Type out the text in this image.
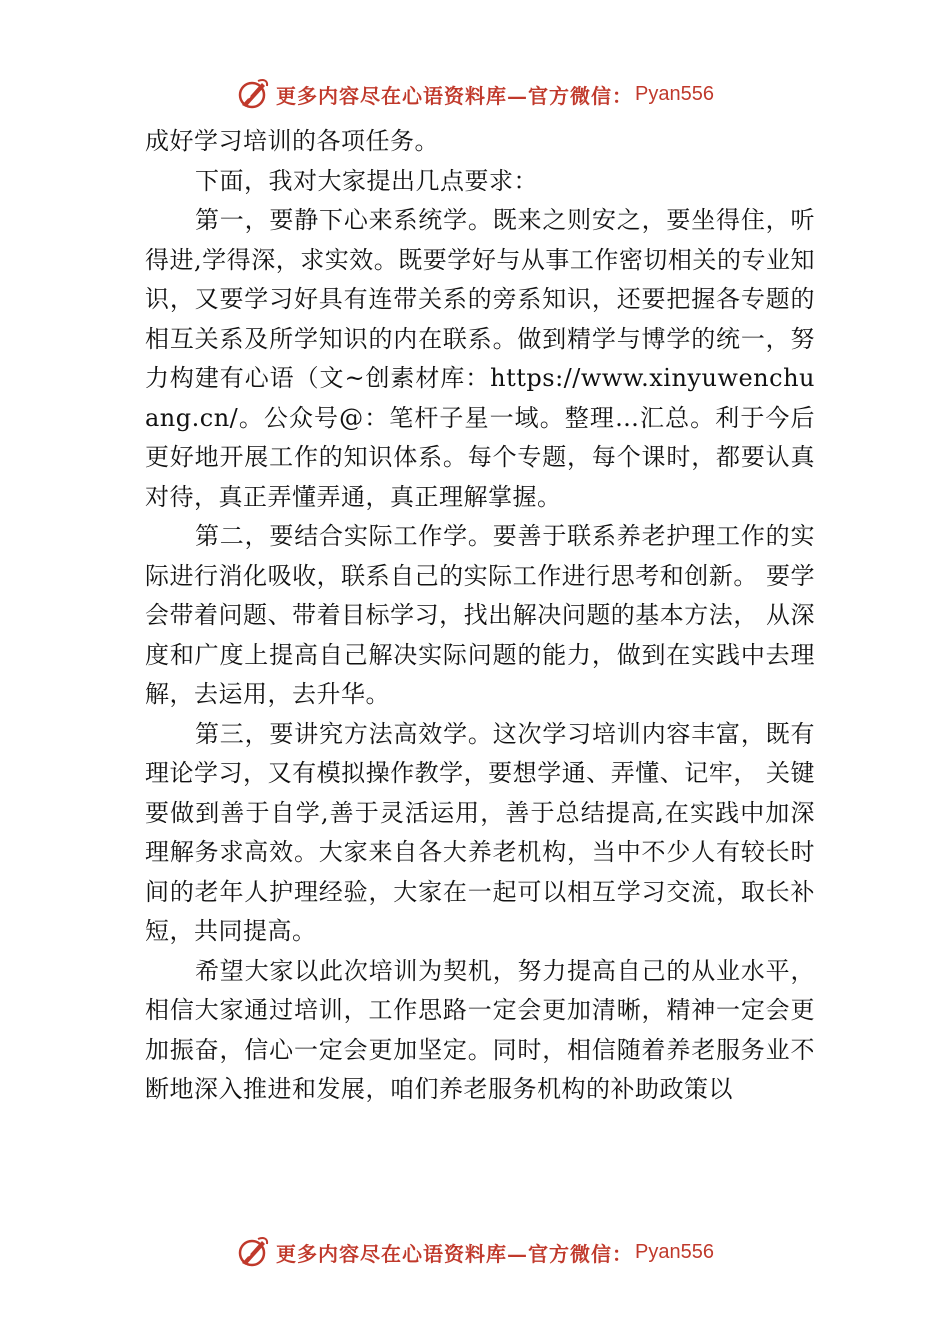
更多内容尽在心语资料库—官方微信： Pyan556

成好学习培训的各项任务。

下面，我对大家提出几点要求：

第一，要静下心来系统学。既来之则安之，要坐得住，听得进,学得深，求实效。既要学好与从事工作密切相关的专业知识，又要学习好具有连带关系的旁系知识，还要把握各专题的相互关系及所学知识的内在联系。做到精学与博学的统一，努力构建有心语（文~创素材库：https://www.xinyuwenchuang.cn/。公众号@：笔杆子星一域。整理…汇总。利于今后更好地开展工作的知识体系。每个专题，每个课时，都要认真对待，真正弄懂弄通，真正理解掌握。

第二，要结合实际工作学。要善于联系养老护理工作的实际进行消化吸收，联系自己的实际工作进行思考和创新。 要学会带着问题、带着目标学习，找出解决问题的基本方法， 从深度和广度上提高自己解决实际问题的能力，做到在实践中去理解，去运用，去升华。

第三，要讲究方法高效学。这次学习培训内容丰富，既有理论学习，又有模拟操作教学，要想学通、弄懂、记牢， 关键要做到善于自学,善于灵活运用，善于总结提高,在实践中加深理解务求高效。大家来自各大养老机构，当中不少人有较长时间的老年人护理经验，大家在一起可以相互学习交流，取长补短，共同提高。

希望大家以此次培训为契机，努力提高自己的从业水平，相信大家通过培训，工作思路一定会更加清晰，精神一定会更加振奋，信心一定会更加坚定。同时，相信随着养老服务业不断地深入推进和发展，咱们养老服务机构的补助政策以

更多内容尽在心语资料库—官方微信： Pyan556
